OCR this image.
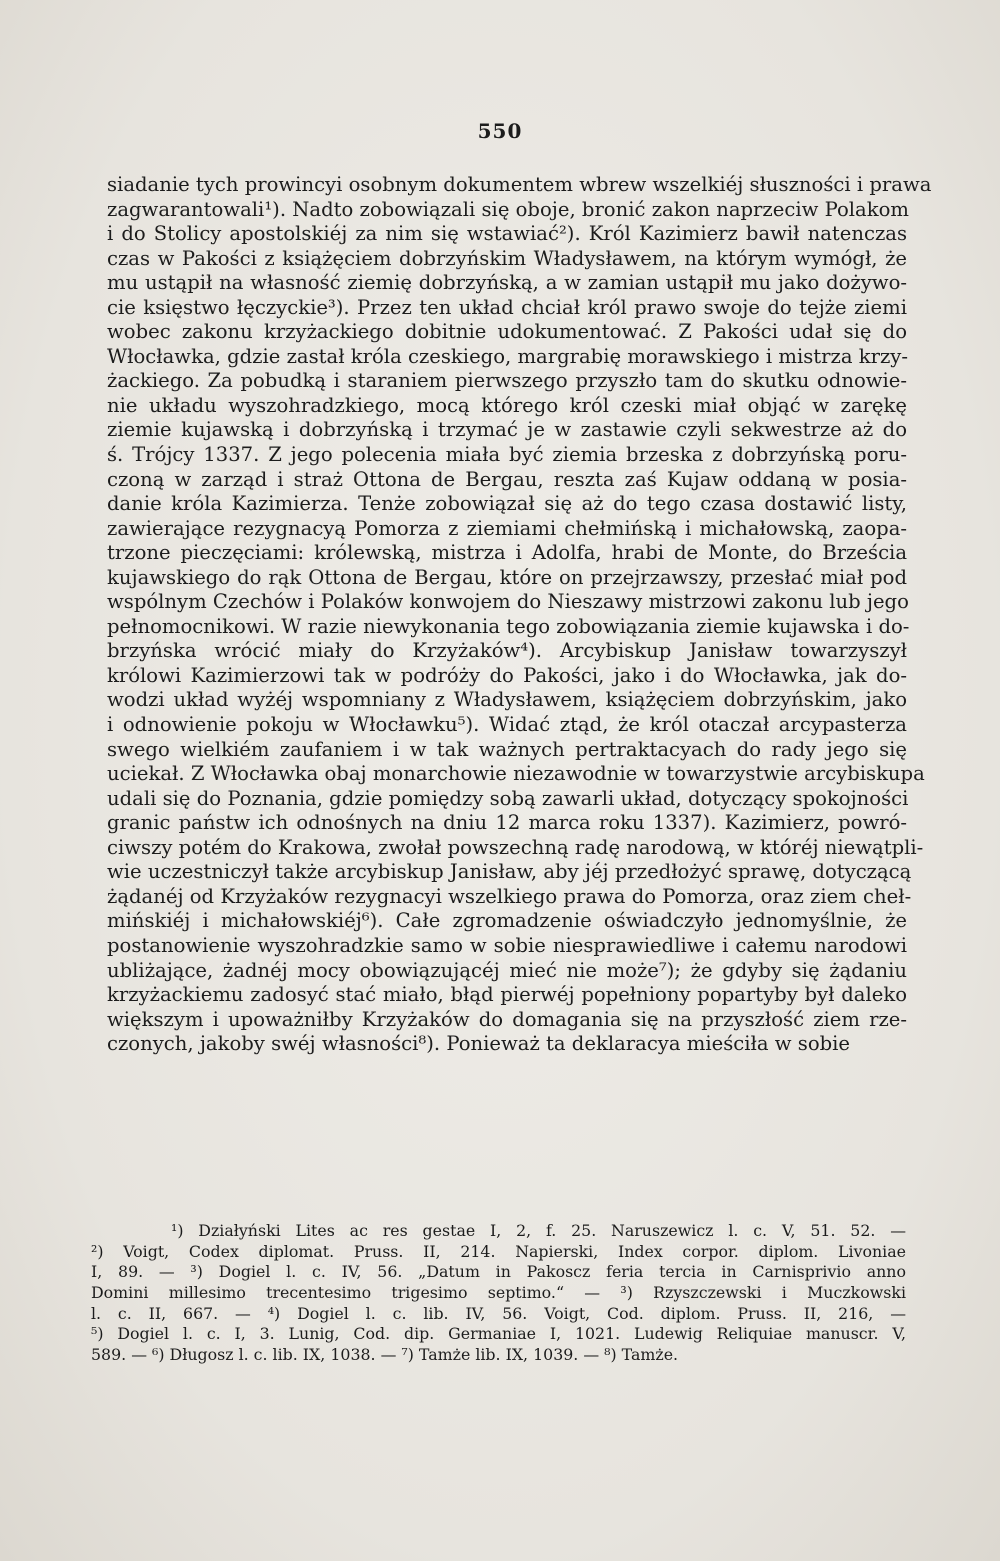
550
siadanie tych prowincyi osobnym dokumentem wbrew wszelkiéj słuszności i prawa
zagwarantowali¹). Nadto zobowiązali się oboje, bronić zakon naprzeciw Polakom
i do Stolicy apostolskiéj za nim się wstawiać²). Król Kazimierz bawił natenczas
czas w Pakości z książęciem dobrzyńskim Władysławem, na którym wymógł, że
mu ustąpił na własność ziemię dobrzyńską, a w zamian ustąpił mu jako dożywo-
cie księstwo łęczyckie³). Przez ten układ chciał król prawo swoje do tejże ziemi
wobec zakonu krzyżackiego dobitnie udokumentować. Z Pakości udał się do
Włocławka, gdzie zastał króla czeskiego, margrabię morawskiego i mistrza krzy-
żackiego. Za pobudką i staraniem pierwszego przyszło tam do skutku odnowie-
nie układu wyszohradzkiego, mocą którego król czeski miał objąć w zarękę
ziemie kujawską i dobrzyńską i trzymać je w zastawie czyli sekwestrze aż do
ś. Trójcy 1337. Z jego polecenia miała być ziemia brzeska z dobrzyńską poru-
czoną w zarząd i straż Ottona de Bergau, reszta zaś Kujaw oddaną w posia-
danie króla Kazimierza. Tenże zobowiązał się aż do tego czasa dostawić listy,
zawierające rezygnacyą Pomorza z ziemiami chełmińską i michałowską, zaopa-
trzone pieczęciami: królewską, mistrza i Adolfa, hrabi de Monte, do Brześcia
kujawskiego do rąk Ottona de Bergau, które on przejrzawszy, przesłać miał pod
wspólnym Czechów i Polaków konwojem do Nieszawy mistrzowi zakonu lub jego
pełnomocnikowi. W razie niewykonania tego zobowiązania ziemie kujawska i do-
brzyńska wrócić miały do Krzyżaków⁴). Arcybiskup Janisław towarzyszył
królowi Kazimierzowi tak w podróży do Pakości, jako i do Włocławka, jak do-
wodzi układ wyżéj wspomniany z Władysławem, książęciem dobrzyńskim, jako
i odnowienie pokoju w Włocławku⁵). Widać ztąd, że król otaczał arcypasterza
swego wielkiém zaufaniem i w tak ważnych pertraktacyach do rady jego się
uciekał. Z Włocławka obaj monarchowie niezawodnie w towarzystwie arcybiskupa
udali się do Poznania, gdzie pomiędzy sobą zawarli układ, dotyczący spokojności
granic państw ich odnośnych na dniu 12 marca roku 1337). Kazimierz, powró-
ciwszy potém do Krakowa, zwołał powszechną radę narodową, w któréj niewątpli-
wie uczestniczył także arcybiskup Janisław, aby jéj przedłożyć sprawę, dotyczącą
żądanéj od Krzyżaków rezygnacyi wszelkiego prawa do Pomorza, oraz ziem cheł-
mińskiéj i michałowskiéj⁶). Całe zgromadzenie oświadczyło jednomyślnie, że
postanowienie wyszohradzkie samo w sobie niesprawiedliwe i całemu narodowi
ubliżające, żadnéj mocy obowiązującéj mieć nie może⁷); że gdyby się żądaniu
krzyżackiemu zadosyć stać miało, błąd pierwéj popełniony popartyby był daleko
większym i upoważniłby Krzyżaków do domagania się na przyszłość ziem rze-
czonych, jakoby swéj własności⁸). Ponieważ ta deklaracya mieściła w sobie
¹) Działyński Lites ac res gestae I, 2, f. 25. Naruszewicz l. c. V, 51. 52. —
²) Voigt, Codex diplomat. Pruss. II, 214. Napierski, Index corpor. diplom. Livoniae
I, 89. — ³) Dogiel l. c. IV, 56. „Datum in Pakoscz feria tercia in Carnisprivio anno
Domini millesimo trecentesimo trigesimo septimo.“ — ³) Rzyszczewski i Muczkowski
l. c. II, 667. — ⁴) Dogiel l. c. lib. IV, 56. Voigt, Cod. diplom. Pruss. II, 216, —
⁵) Dogiel l. c. I, 3. Lunig, Cod. dip. Germaniae I, 1021. Ludewig Reliquiae manuscr. V,
589. — ⁶) Długosz l. c. lib. IX, 1038. — ⁷) Tamże lib. IX, 1039. — ⁸) Tamże.
